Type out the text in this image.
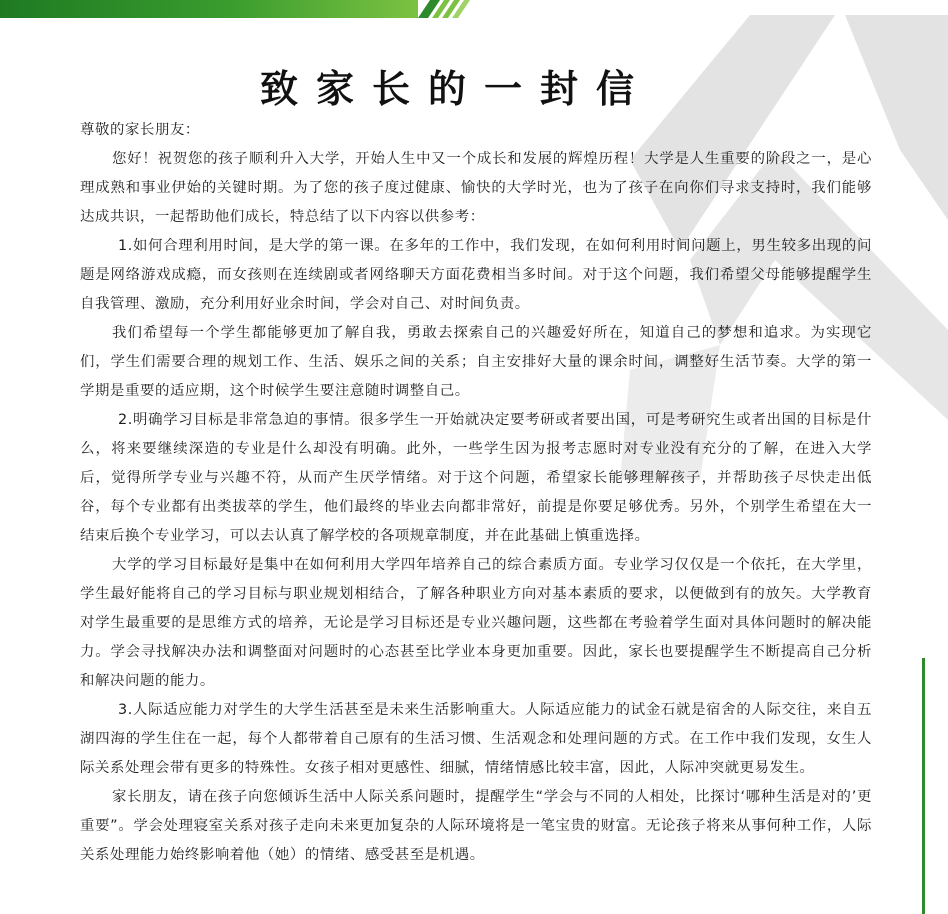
致家长的一封信

尊敬的家长朋友：

您好！祝贺您的孩子顺利升入大学，开始人生中又一个成长和发展的辉煌历程！大学是人生重要的阶段之一，是心理成熟和事业伊始的关键时期。为了您的孩子度过健康、愉快的大学时光，也为了孩子在向你们寻求支持时，我们能够达成共识，一起帮助他们成长，特总结了以下内容以供参考：

1.如何合理利用时间，是大学的第一课。在多年的工作中，我们发现，在如何利用时间问题上，男生较多出现的问题是网络游戏成瘾，而女孩则在连续剧或者网络聊天方面花费相当多时间。对于这个问题，我们希望父母能够提醒学生自我管理、激励，充分利用好业余时间，学会对自己、对时间负责。

我们希望每一个学生都能够更加了解自我，勇敢去探索自己的兴趣爱好所在，知道自己的梦想和追求。为实现它们，学生们需要合理的规划工作、生活、娱乐之间的关系；自主安排好大量的课余时间，调整好生活节奏。大学的第一学期是重要的适应期，这个时候学生要注意随时调整自己。

2.明确学习目标是非常急迫的事情。很多学生一开始就决定要考研或者要出国，可是考研究生或者出国的目标是什么，将来要继续深造的专业是什么却没有明确。此外，一些学生因为报考志愿时对专业没有充分的了解，在进入大学后，觉得所学专业与兴趣不符，从而产生厌学情绪。对于这个问题，希望家长能够理解孩子，并帮助孩子尽快走出低谷，每个专业都有出类拔萃的学生，他们最终的毕业去向都非常好，前提是你要足够优秀。另外，个别学生希望在大一结束后换个专业学习，可以去认真了解学校的各项规章制度，并在此基础上慎重选择。

大学的学习目标最好是集中在如何利用大学四年培养自己的综合素质方面。专业学习仅仅是一个依托，在大学里，学生最好能将自己的学习目标与职业规划相结合，了解各种职业方向对基本素质的要求，以便做到有的放矢。大学教育对学生最重要的是思维方式的培养，无论是学习目标还是专业兴趣问题，这些都在考验着学生面对具体问题时的解决能力。学会寻找解决办法和调整面对问题时的心态甚至比学业本身更加重要。因此，家长也要提醒学生不断提高自己分析和解决问题的能力。

3.人际适应能力对学生的大学生活甚至是未来生活影响重大。人际适应能力的试金石就是宿舍的人际交往，来自五湖四海的学生住在一起，每个人都带着自己原有的生活习惯、生活观念和处理问题的方式。在工作中我们发现，女生人际关系处理会带有更多的特殊性。女孩子相对更感性、细腻，情绪情感比较丰富，因此，人际冲突就更易发生。

家长朋友，请在孩子向您倾诉生活中人际关系问题时，提醒学生“学会与不同的人相处，比探讨‘哪种生活是对的’更重要”。学会处理寝室关系对孩子走向未来更加复杂的人际环境将是一笔宝贵的财富。无论孩子将来从事何种工作，人际关系处理能力始终影响着他（她）的情绪、感受甚至是机遇。
